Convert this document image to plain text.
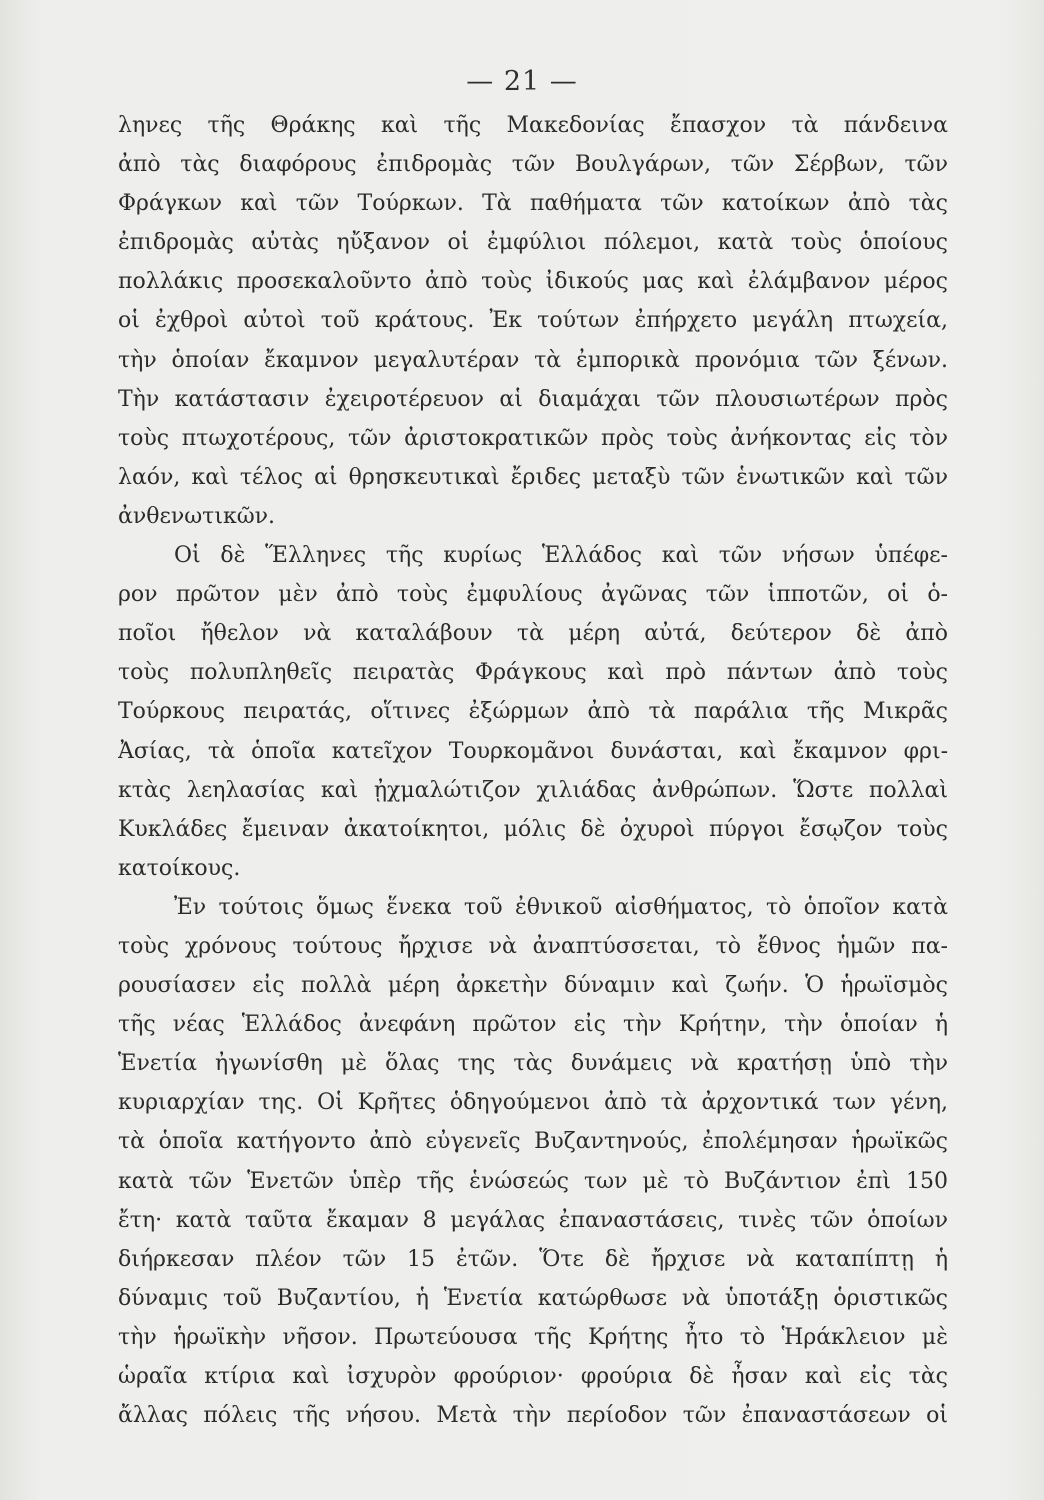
— 21 —
ληνες τῆς Θράκης καὶ τῆς Μακεδονίας ἔπασχον τὰ πάνδεινα
ἀπὸ τὰς διαφόρους ἐπιδρομὰς τῶν Βουλγάρων, τῶν Σέρβων, τῶν
Φράγκων καὶ τῶν Τούρκων. Τὰ παθήματα τῶν κατοίκων ἀπὸ τὰς
ἐπιδρομὰς αὐτὰς ηὔξανον οἱ ἐμφύλιοι πόλεμοι, κατὰ τοὺς ὁποίους
πολλάκις προσεκαλοῦντο ἀπὸ τοὺς ἰδικούς μας καὶ ἐλάμβανον μέρος
οἱ ἐχθροὶ αὐτοὶ τοῦ κράτους. Ἐκ τούτων ἐπήρχετο μεγάλη πτωχεία,
τὴν ὁποίαν ἔκαμνον μεγαλυτέραν τὰ ἐμπορικὰ προνόμια τῶν ξένων.
Τὴν κατάστασιν ἐχειροτέρευον αἱ διαμάχαι τῶν πλουσιωτέρων πρὸς
τοὺς πτωχοτέρους, τῶν ἀριστοκρατικῶν πρὸς τοὺς ἀνήκοντας εἰς τὸν
λαόν, καὶ τέλος αἱ θρησκευτικαὶ ἔριδες μεταξὺ τῶν ἑνωτικῶν καὶ τῶν
ἀνθενωτικῶν.
Οἱ δὲ Ἕλληνες τῆς κυρίως Ἑλλάδος καὶ τῶν νήσων ὑπέφε-
ρον πρῶτον μὲν ἀπὸ τοὺς ἐμφυλίους ἀγῶνας τῶν ἱπποτῶν, οἱ ὁ-
ποῖοι ἤθελον νὰ καταλάβουν τὰ μέρη αὐτά, δεύτερον δὲ ἀπὸ
τοὺς πολυπληθεῖς πειρατὰς Φράγκους καὶ πρὸ πάντων ἀπὸ τοὺς
Τούρκους πειρατάς, οἵτινες ἐξώρμων ἀπὸ τὰ παράλια τῆς Μικρᾶς
Ἀσίας, τὰ ὁποῖα κατεῖχον Τουρκομᾶνοι δυνάσται, καὶ ἔκαμνον φρι-
κτὰς λεηλασίας καὶ ᾐχμαλώτιζον χιλιάδας ἀνθρώπων. Ὥστε πολλαὶ
Κυκλάδες ἔμειναν ἀκατοίκητοι, μόλις δὲ ὀχυροὶ πύργοι ἔσῳζον τοὺς
κατοίκους.
Ἐν τούτοις ὅμως ἕνεκα τοῦ ἐθνικοῦ αἰσθήματος, τὸ ὁποῖον κατὰ
τοὺς χρόνους τούτους ἤρχισε νὰ ἀναπτύσσεται, τὸ ἔθνος ἡμῶν πα-
ρουσίασεν εἰς πολλὰ μέρη ἀρκετὴν δύναμιν καὶ ζωήν. Ὁ ἡρωϊσμὸς
τῆς νέας Ἑλλάδος ἀνεφάνη πρῶτον εἰς τὴν Κρήτην, τὴν ὁποίαν ἡ
Ἑνετία ἠγωνίσθη μὲ ὅλας της τὰς δυνάμεις νὰ κρατήσῃ ὑπὸ τὴν
κυριαρχίαν της. Οἱ Κρῆτες ὁδηγούμενοι ἀπὸ τὰ ἀρχοντικά των γένη,
τὰ ὁποῖα κατήγοντο ἀπὸ εὐγενεῖς Βυζαντηνούς, ἐπολέμησαν ἡρωϊκῶς
κατὰ τῶν Ἑνετῶν ὑπὲρ τῆς ἑνώσεώς των μὲ τὸ Βυζάντιον ἐπὶ 150
ἔτη· κατὰ ταῦτα ἔκαμαν 8 μεγάλας ἐπαναστάσεις, τινὲς τῶν ὁποίων
διήρκεσαν πλέον τῶν 15 ἐτῶν. Ὅτε δὲ ἤρχισε νὰ καταπίπτῃ ἡ
δύναμις τοῦ Βυζαντίου, ἡ Ἑνετία κατώρθωσε νὰ ὑποτάξῃ ὁριστικῶς
τὴν ἡρωϊκὴν νῆσον. Πρωτεύουσα τῆς Κρήτης ἦτο τὸ Ἡράκλειον μὲ
ὡραῖα κτίρια καὶ ἰσχυρὸν φρούριον· φρούρια δὲ ἦσαν καὶ εἰς τὰς
ἄλλας πόλεις τῆς νήσου. Μετὰ τὴν περίοδον τῶν ἐπαναστάσεων οἱ
